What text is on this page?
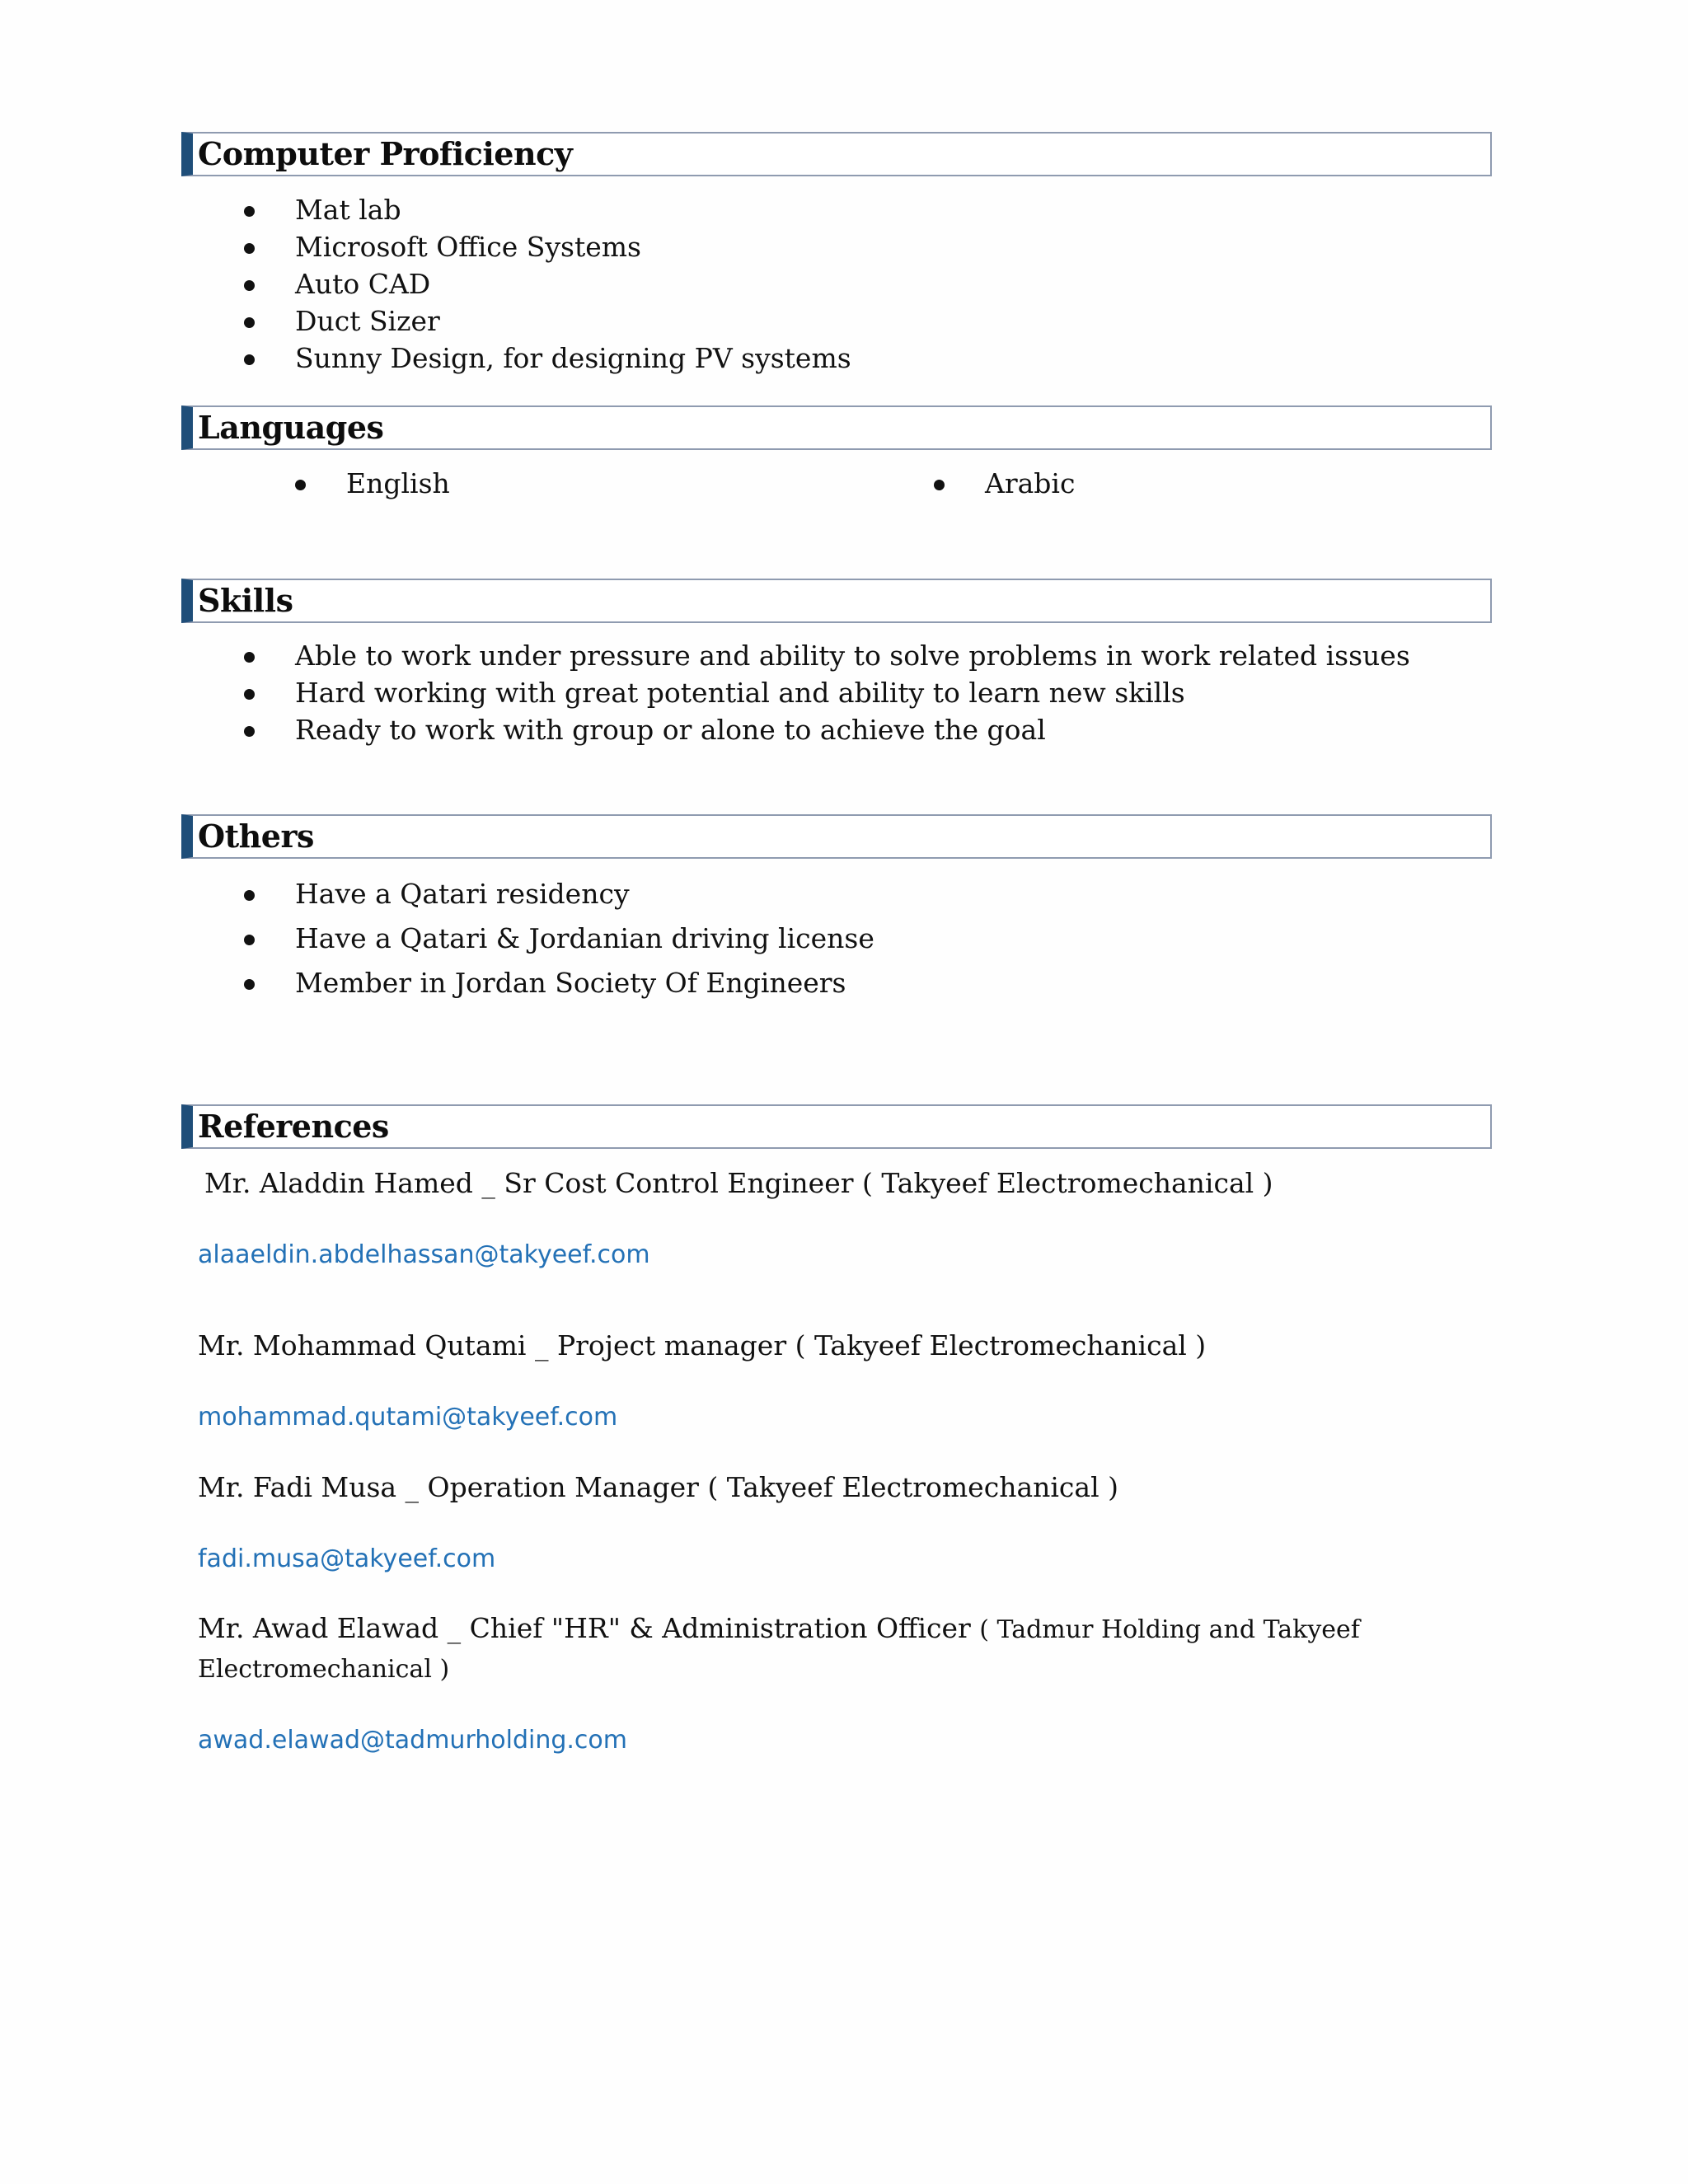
Computer Proficiency
Mat lab
Microsoft Office Systems
Auto CAD
Duct Sizer
Sunny Design, for designing PV systems
Languages
English	Arabic
Skills
Able to work under pressure and ability to solve problems in work related issues
Hard working with great potential and ability to learn new skills
Ready to work with group or alone to achieve the goal
Others
Have a Qatari residency
Have a Qatari & Jordanian driving license
Member in Jordan Society Of Engineers
References
Mr. Aladdin Hamed _ Sr Cost Control Engineer ( Takyeef Electromechanical )
alaaeldin.abdelhassan@takyeef.com
Mr. Mohammad Qutami _ Project manager ( Takyeef Electromechanical )
mohammad.qutami@takyeef.com
Mr. Fadi Musa _ Operation Manager ( Takyeef Electromechanical )
fadi.musa@takyeef.com
Mr. Awad Elawad _ Chief "HR" & Administration Officer ( Tadmur Holding and Takyeef
Electromechanical )
awad.elawad@tadmurholding.com
